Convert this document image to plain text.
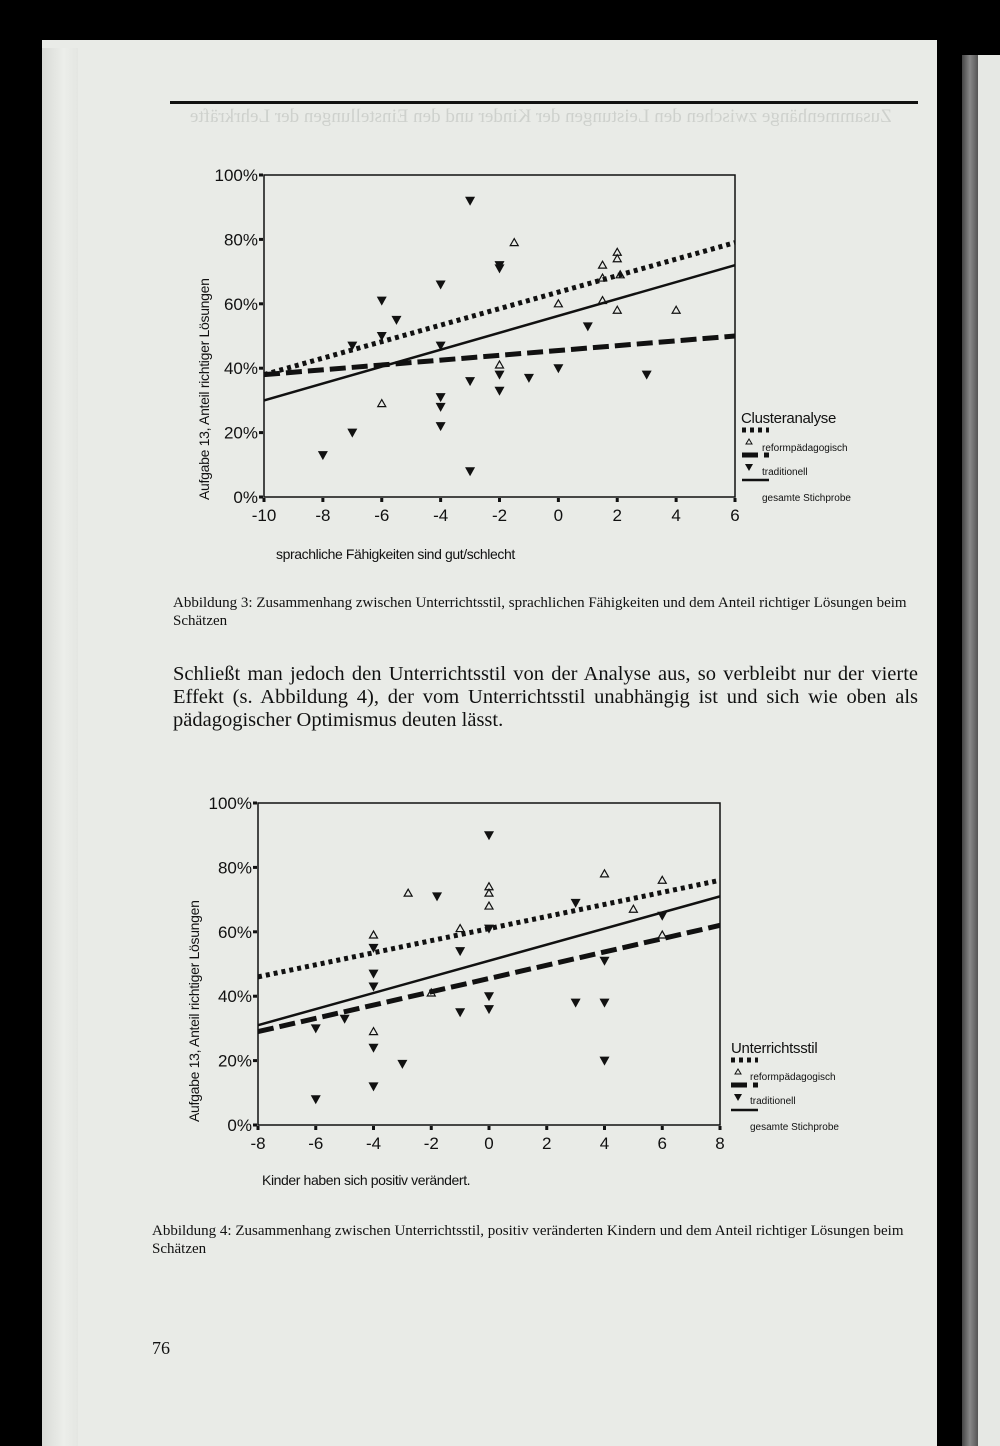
Zusammenhänge zwischen den Leistungen der Kinder und den Einstellungen der Lehrkräfte
0%
20%
40%
60%
80%
100%
-10 -8	-6	-4	-2	0	2	4	6
sprachliche Fähigkeiten sind gut/schlecht
Aufgabe 13, Anteil richtiger Lösungen	Clusteranalyse
reformpädagogisch
traditionell
gesamte Stichprobe
Abbildung 3: Zusammenhang zwischen Unterrichtsstil, sprachlichen Fähigkeiten und dem Anteil richtiger Lösungen beim Schätzen
Schließt man jedoch den Unterrichtsstil von der Analyse aus, so verbleibt nur der vierte Effekt (s. Abbildung 4), der vom Unterrichtsstil unabhängig ist und sich wie oben als pädagogischer Optimismus deuten lässt.
0%
20%
40%
60%
80%
100%
-8	-6	-4	-2	0	2	4	6	8
Kinder haben sich positiv verändert.
Aufgabe 13, Anteil richtiger Lösungen	Unterrichtsstil
reformpädagogisch
traditionell
gesamte Stichprobe
Abbildung 4: Zusammenhang zwischen Unterrichtsstil, positiv veränderten Kindern und dem Anteil richtiger Lösungen beim Schätzen
76
